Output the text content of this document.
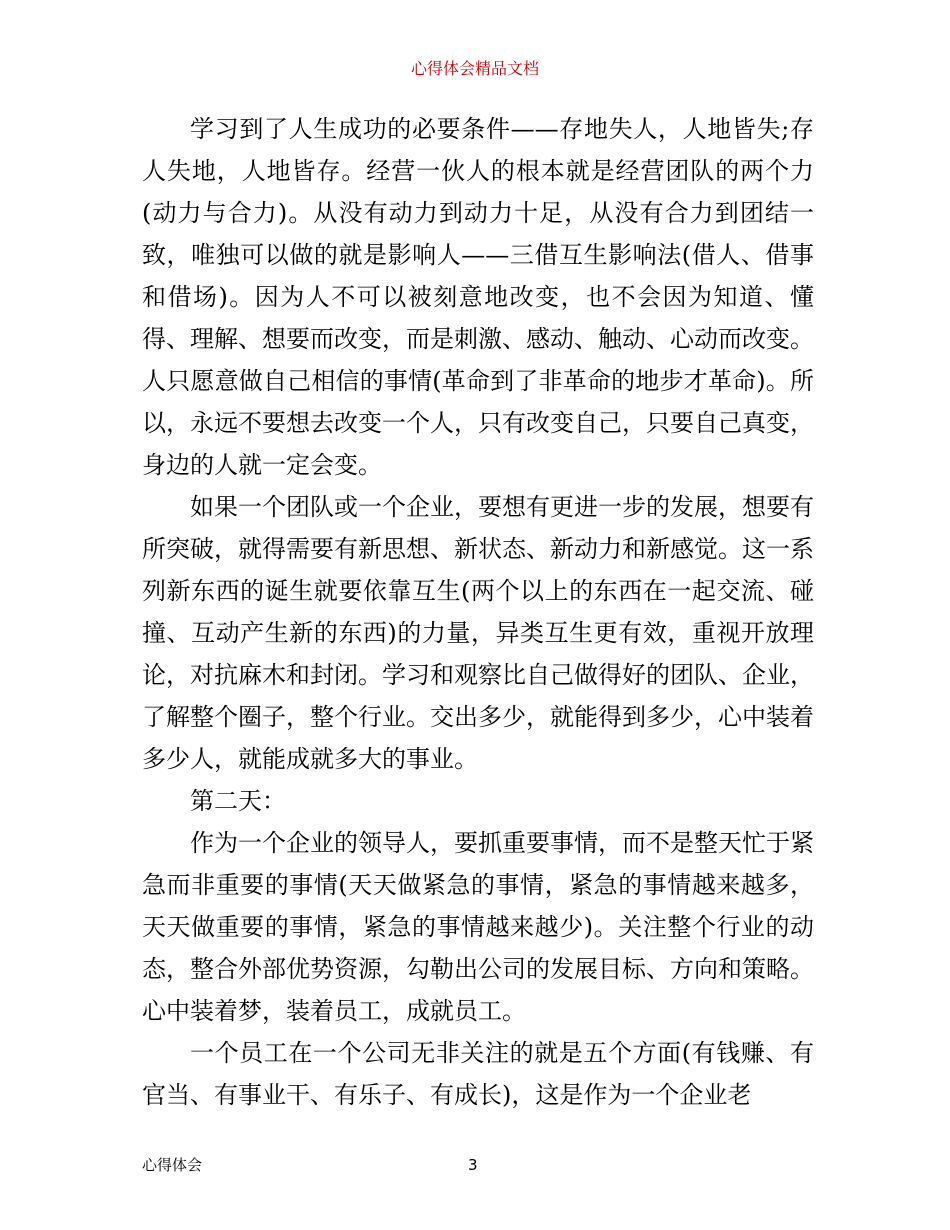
心得体会精品文档

学习到了人生成功的必要条件——存地失人，人地皆失;存人失地，人地皆存。经营一伙人的根本就是经营团队的两个力(动力与合力)。从没有动力到动力十足，从没有合力到团结一致，唯独可以做的就是影响人——三借互生影响法(借人、借事和借场)。因为人不可以被刻意地改变，也不会因为知道、懂得、理解、想要而改变，而是刺激、感动、触动、心动而改变。人只愿意做自己相信的事情(革命到了非革命的地步才革命)。所以，永远不要想去改变一个人，只有改变自己，只要自己真变，身边的人就一定会变。

如果一个团队或一个企业，要想有更进一步的发展，想要有所突破，就得需要有新思想、新状态、新动力和新感觉。这一系列新东西的诞生就要依靠互生(两个以上的东西在一起交流、碰撞、互动产生新的东西)的力量，异类互生更有效，重视开放理论，对抗麻木和封闭。学习和观察比自己做得好的团队、企业，了解整个圈子，整个行业。交出多少，就能得到多少，心中装着多少人，就能成就多大的事业。

第二天：

作为一个企业的领导人，要抓重要事情，而不是整天忙于紧急而非重要的事情(天天做紧急的事情，紧急的事情越来越多，天天做重要的事情，紧急的事情越来越少)。关注整个行业的动态，整合外部优势资源，勾勒出公司的发展目标、方向和策略。心中装着梦，装着员工，成就员工。

一个员工在一个公司无非关注的就是五个方面(有钱赚、有官当、有事业干、有乐子、有成长)，这是作为一个企业老

心得体会	3
